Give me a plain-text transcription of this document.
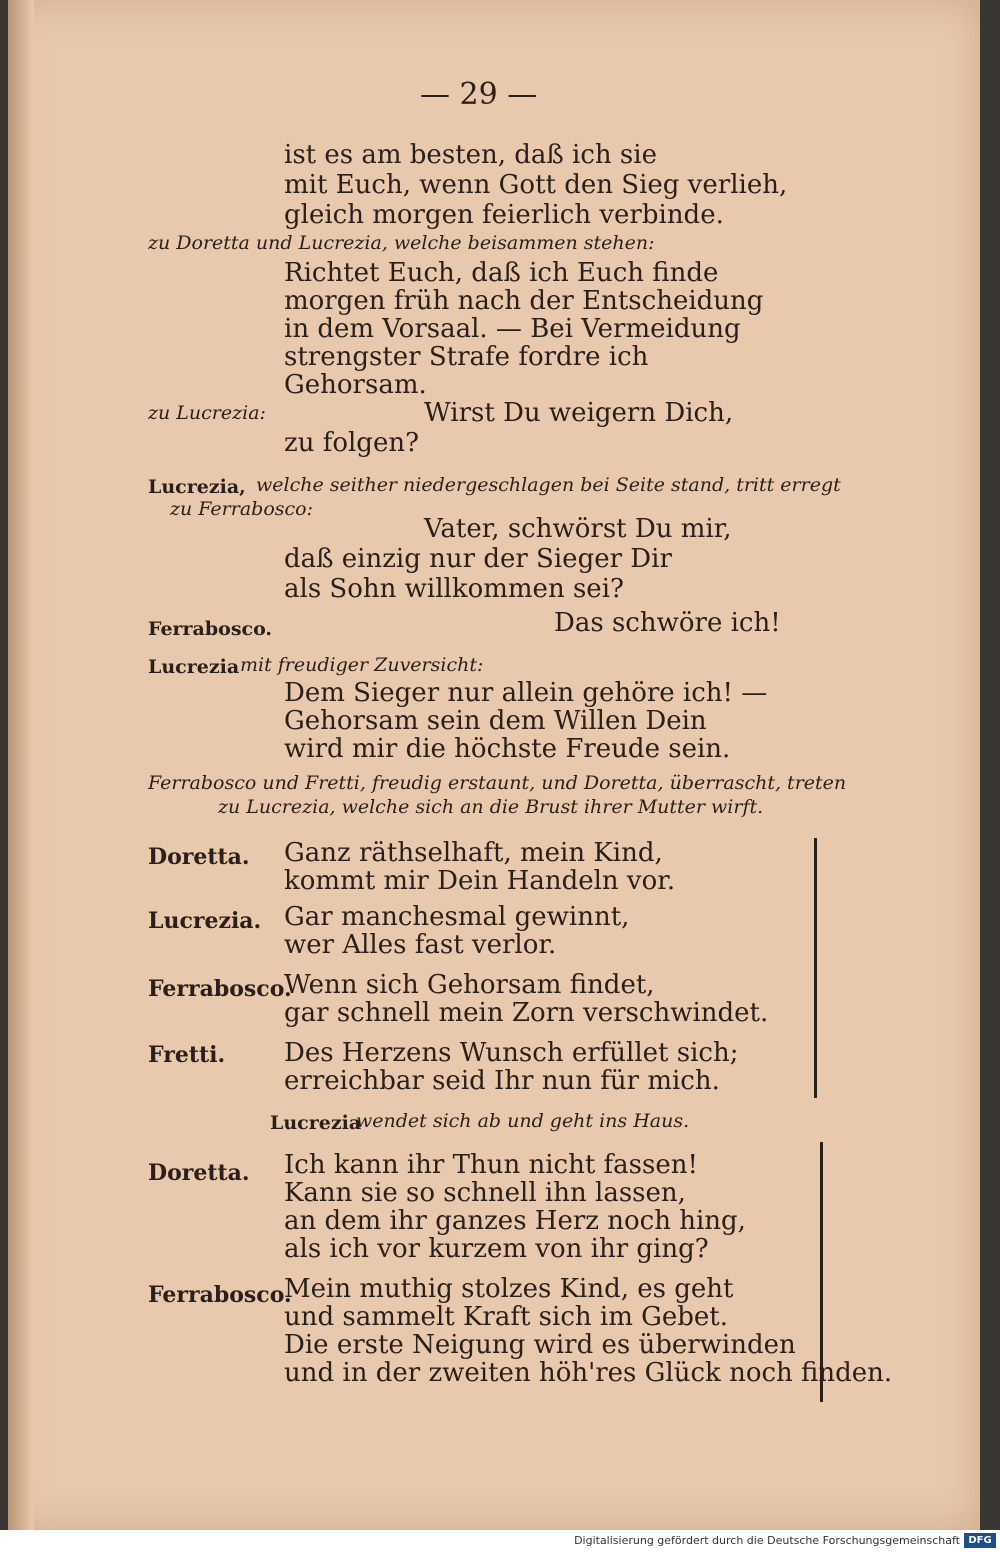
— 29 —
ist es am besten, daß ich sie
mit Euch, wenn Gott den Sieg verlieh,
gleich morgen feierlich verbinde.
zu Doretta und Lucrezia, welche beisammen stehen:
Richtet Euch, daß ich Euch finde
morgen früh nach der Entscheidung
in dem Vorsaal. — Bei Vermeidung
strengster Strafe fordre ich
Gehorsam.
zu Lucrezia:	Wirst Du weigern Dich,
zu folgen?
Lucrezia, welche seither niedergeschlagen bei Seite stand, tritt erregt
zu Ferrabosco:
Vater, schwörst Du mir,
daß einzig nur der Sieger Dir
als Sohn willkommen sei?
Ferrabosco.	Das schwöre ich!
Lucrezia mit freudiger Zuversicht:
Dem Sieger nur allein gehöre ich! —
Gehorsam sein dem Willen Dein
wird mir die höchste Freude sein.
Ferrabosco und Fretti, freudig erstaunt, und Doretta, überrascht, treten
zu Lucrezia, welche sich an die Brust ihrer Mutter wirft.
Doretta. Ganz räthselhaft, mein Kind,
kommt mir Dein Handeln vor.
Lucrezia. Gar manchesmal gewinnt,
wer Alles fast verlor.
Ferrabosco.
Wenn sich Gehorsam findet,
gar schnell mein Zorn verschwindet.
Fretti. Des Herzens Wunsch erfüllet sich;
erreichbar seid Ihr nun für mich.
Lucrezia
wendet sich ab und geht ins Haus.
Doretta. Ich kann ihr Thun nicht fassen!
Kann sie so schnell ihn lassen,
an dem ihr ganzes Herz noch hing,
als ich vor kurzem von ihr ging?
Ferrabosco.
Mein muthig stolzes Kind, es geht
und sammelt Kraft sich im Gebet.
Die erste Neigung wird es überwinden
und in der zweiten höh'res Glück noch finden.
Digitalisierung gefördert durch die Deutsche Forschungsgemeinschaft DFG
